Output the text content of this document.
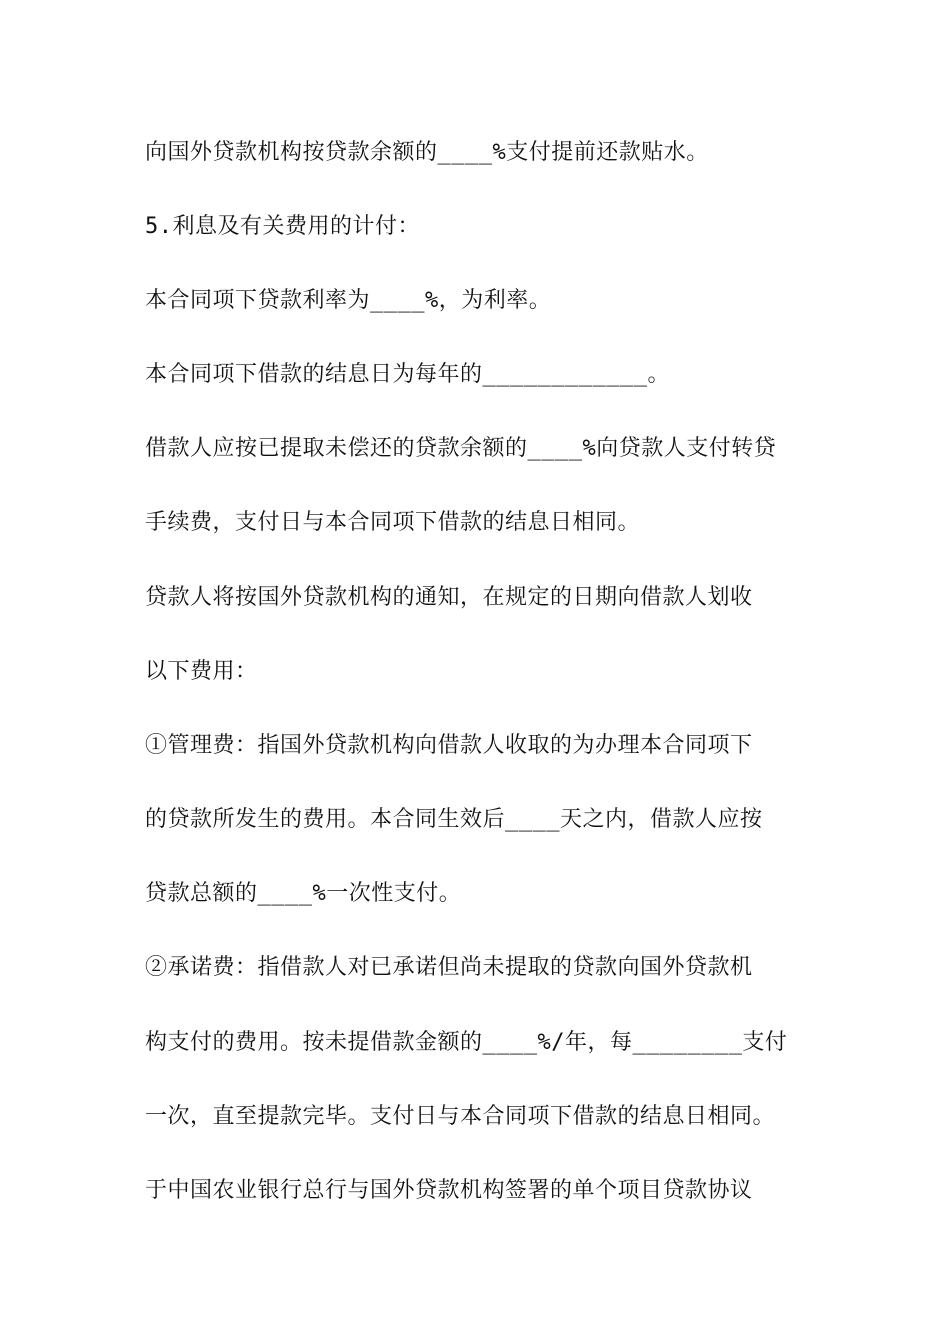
向国外贷款机构按贷款余额的____%支付提前还款贴水。
5.利息及有关费用的计付：
本合同项下贷款利率为____%，为利率。
本合同项下借款的结息日为每年的____________。
借款人应按已提取未偿还的贷款余额的____%向贷款人支付转贷
手续费，支付日与本合同项下借款的结息日相同。
贷款人将按国外贷款机构的通知，在规定的日期向借款人划收
以下费用：
①管理费：指国外贷款机构向借款人收取的为办理本合同项下
的贷款所发生的费用。本合同生效后____天之内，借款人应按
贷款总额的____%一次性支付。
②承诺费：指借款人对已承诺但尚未提取的贷款向国外贷款机
构支付的费用。按未提借款金额的____%/年，每________支付
一次，直至提款完毕。支付日与本合同项下借款的结息日相同。
于中国农业银行总行与国外贷款机构签署的单个项目贷款协议
